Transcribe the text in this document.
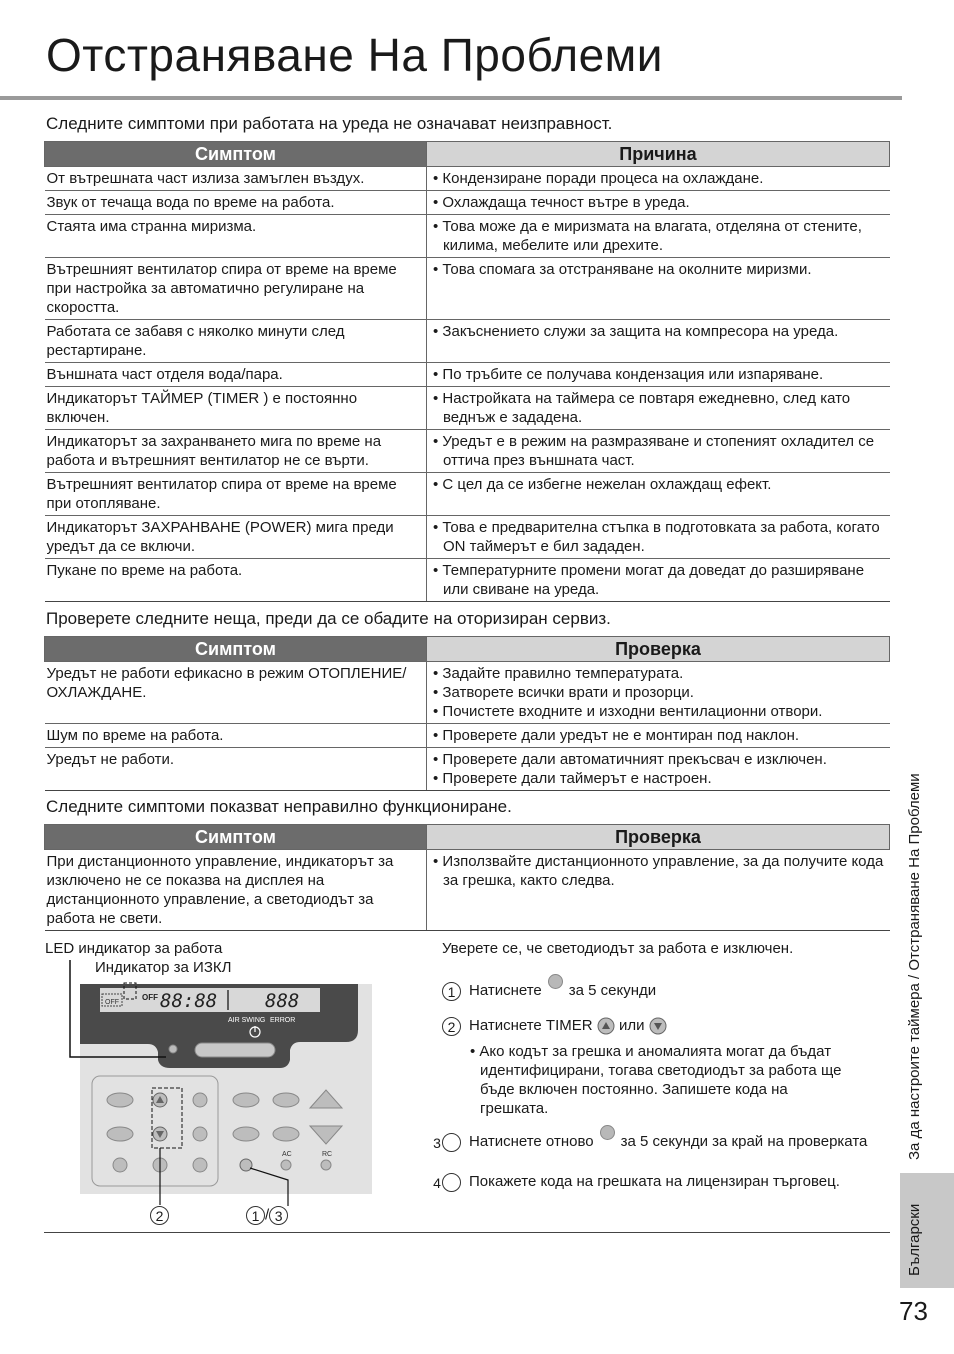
Отстраняване На Проблеми
Следните симптоми при работата на уреда не означават неизправност.
Симптом	Причина
От вътрешната част излиза замъглен въздух.	• Кондензиране поради процеса на охлаждане.

Звук от течаща вода по време на работа.	• Охлаждаща течност вътре в уреда.

Стаята има странна миризма.	• Това може да е миризмата на влагата, отделяна от стените, килима, мебелите или дрехите.

Вътрешният вентилатор спира от време на време при настройка за автоматично регулиране на скоростта.	• Това спомага за отстраняване на околните миризми.

Работата се забавя с няколко минути след рестартиране.	• Закъснението служи за защита на компресора на уреда.

Външната част отделя вода/пара.	• По тръбите се получава кондензация или изпаряване.

Индикаторът ТАЙМЕР (TIMER ) е постоянно включен.	• Настройката на таймера се повтаря ежедневно, след като веднъж е зададена.

Индикаторът за захранването мига по време на работа и вътрешният вентилатор не се върти.	• Уредът е в режим на размразяване и стопеният охладител се оттича през външната част.

Вътрешният вентилатор спира от време на време при отопляване.	• С цел да се избегне нежелан охлаждащ ефект.

Индикаторът ЗАХРАНВАНЕ (POWER) мига преди уредът да се включи.	• Това е предварителна стъпка в подготовката за работа, когато ON таймерът е бил зададен.

Пукане по време на работа.	• Температурните промени могат да доведат до разширяване или свиване на уреда.
Проверете следните неща, преди да се обадите на оторизиран сервиз.
Симптом	Проверка
Уредът не работи ефикасно в режим ОТОПЛЕНИЕ/ОХЛАЖДАНЕ.	• Задайте правилно температурата.
• Затворете всички врати и прозорци.
• Почистете входните и изходни вентилационни отвори.

Шум по време на работа.	• Проверете дали уредът не е монтиран под наклон.

Уредът не работи.	• Проверете дали автоматичният прекъсвач е изключен.
• Проверете дали таймерът е настроен.
Следните симптоми показват неправилно функциониране.
Симптом	Проверка
При дистанционното управление, индикаторът за изключено не се показва на дисплея на дистанционното управление, а светодиодът за работа не свети.	• Използвайте дистанционното управление, за да получите кода за грешка, както следва.
LED индикатор за работа
Индикатор за ИЗКЛ
OFF
OFF 88:88	888
AIR SWING ERROR
AC	RC
2	1 / 3
Уверете се, че светодиодът за работа е изключен.
1 Натиснете за 5 секунди
2 Натиснете TIMER или
• Ако кодът за грешка и аномалията могат да бъдат идентифицирани, тогава светодиодът за работа ще бъде включен постоянно. Запишете кода на грешката.
3 Натиснете отново за 5 секунди за край на проверката
4 Покажете кода на грешката на лицензиран търговец.
За да настроите таймера / Отстраняване На Проблеми
Български
73
